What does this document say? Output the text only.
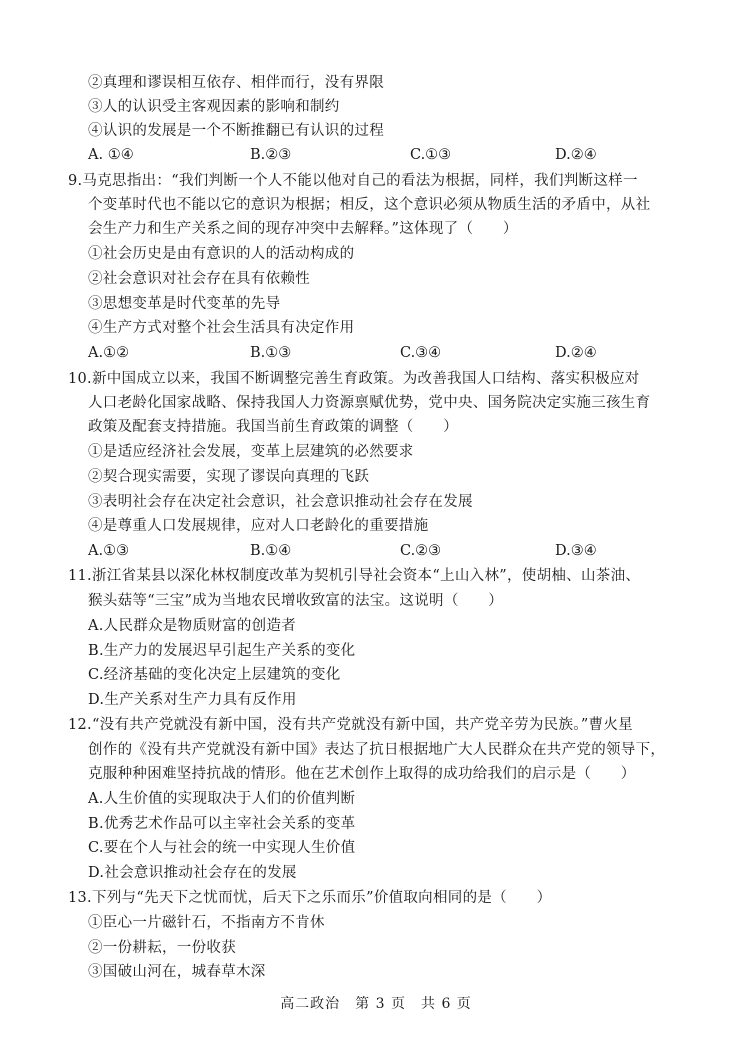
②真理和谬误相互依存、相伴而行，没有界限
③人的认识受主客观因素的影响和制约
④认识的发展是一个不断推翻已有认识的过程
A. ①④	B.②③	C.①③	D.②④
9.马克思指出：“我们判断一个人不能以他对自己的看法为根据，同样，我们判断这样一
个变革时代也不能以它的意识为根据；相反，这个意识必须从物质生活的矛盾中，从社
会生产力和生产关系之间的现存冲突中去解释。”这体现了（　　）
①社会历史是由有意识的人的活动构成的
②社会意识对社会存在具有依赖性
③思想变革是时代变革的先导
④生产方式对整个社会生活具有决定作用
A.①②	B.①③	C.③④	D.②④
10.新中国成立以来，我国不断调整完善生育政策。为改善我国人口结构、落实积极应对
人口老龄化国家战略、保持我国人力资源禀赋优势，党中央、国务院决定实施三孩生育
政策及配套支持措施。我国当前生育政策的调整（　　）
①是适应经济社会发展，变革上层建筑的必然要求
②契合现实需要，实现了谬误向真理的飞跃
③表明社会存在决定社会意识，社会意识推动社会存在发展
④是尊重人口发展规律，应对人口老龄化的重要措施
A.①③	B.①④	C.②③	D.③④
11.浙江省某县以深化林权制度改革为契机引导社会资本“上山入林”，使胡柚、山茶油、
猴头菇等“三宝”成为当地农民增收致富的法宝。这说明（　　）
A.人民群众是物质财富的创造者
B.生产力的发展迟早引起生产关系的变化
C.经济基础的变化决定上层建筑的变化
D.生产关系对生产力具有反作用
12.“没有共产党就没有新中国，没有共产党就没有新中国，共产党辛劳为民族。”曹火星
创作的《没有共产党就没有新中国》表达了抗日根据地广大人民群众在共产党的领导下，
克服种种困难坚持抗战的情形。他在艺术创作上取得的成功给我们的启示是（　　）
A.人生价值的实现取决于人们的价值判断
B.优秀艺术作品可以主宰社会关系的变革
C.要在个人与社会的统一中实现人生价值
D.社会意识推动社会存在的发展
13.下列与“先天下之忧而忧，后天下之乐而乐”价值取向相同的是（　　）
①臣心一片磁针石，不指南方不肯休
②一份耕耘，一份收获
③国破山河在，城春草木深
高二政治　第 3 页　共 6 页
